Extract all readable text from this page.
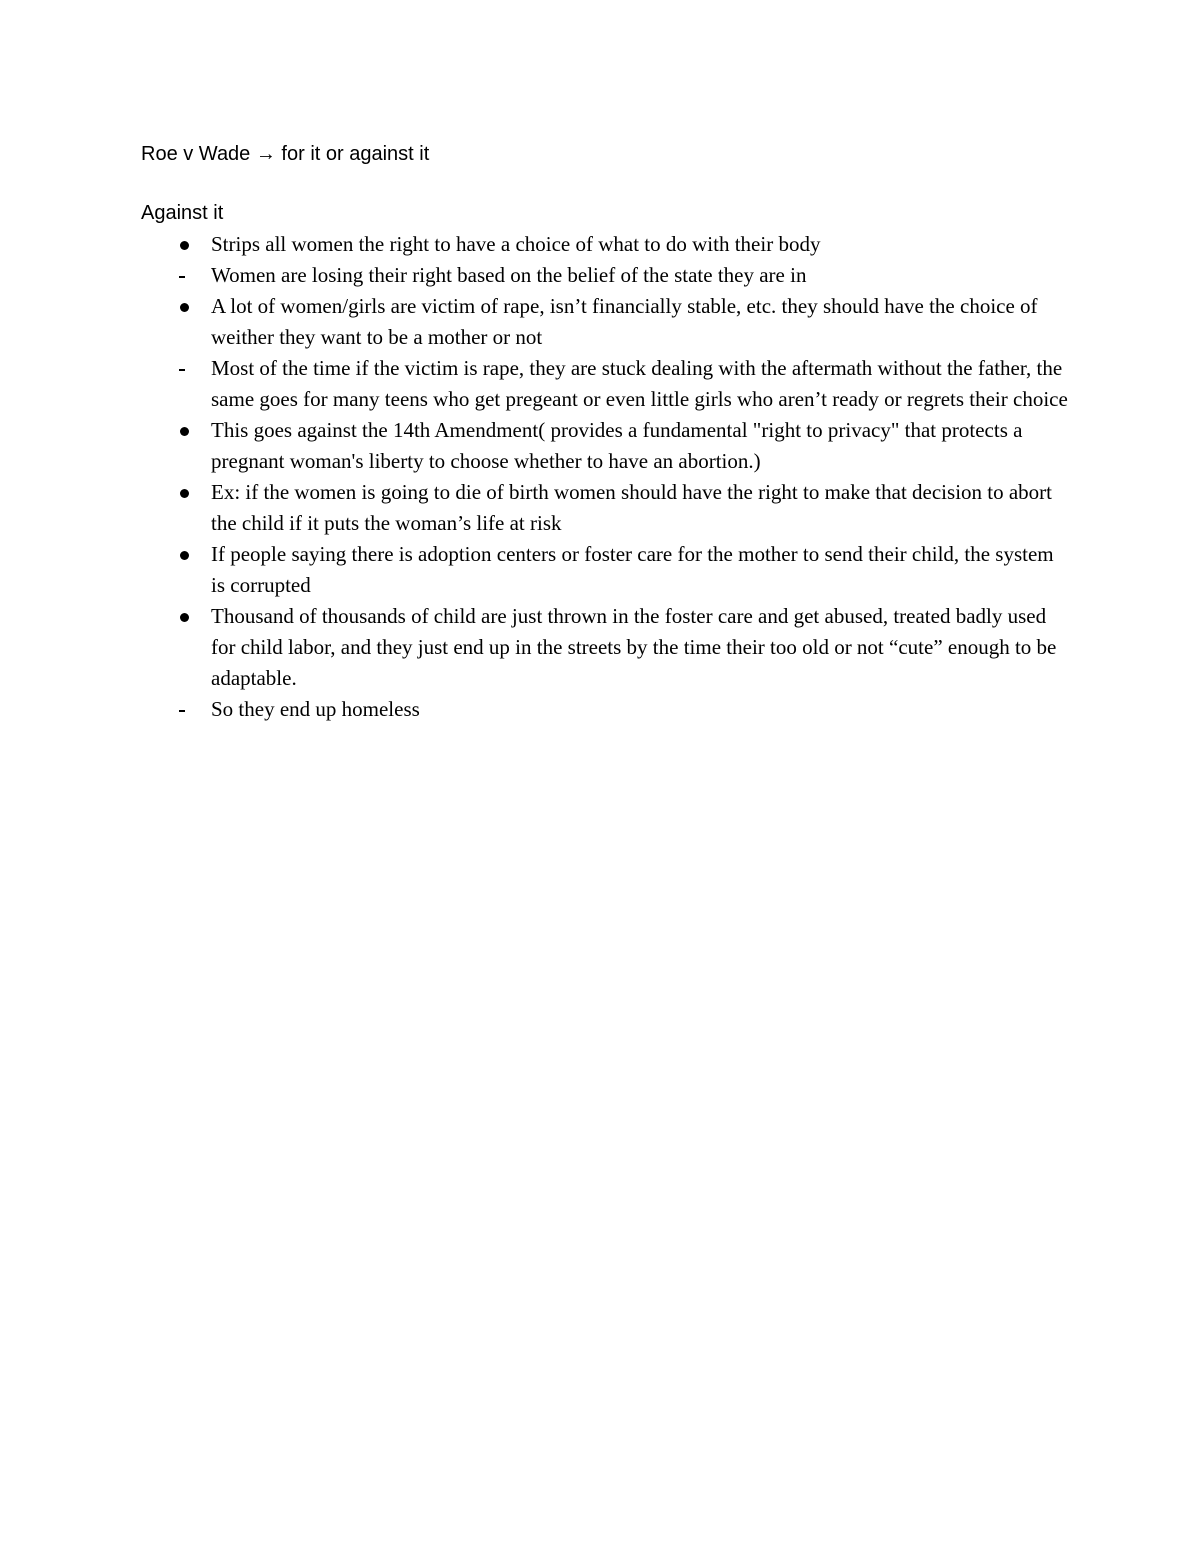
Roe v Wade → for it or against it
Against it
Strips all women the right to have a choice of what to do with their body
Women are losing their right based on the belief of the state they are in
A lot of women/girls are victim of rape, isn’t financially stable, etc. they should have the choice of weither they want to be a mother or not
Most of the time if the victim is rape, they are stuck dealing with the aftermath without the father, the same goes for many teens who get pregeant or even little girls who aren’t ready or regrets their choice
This goes against the 14th Amendment( provides a fundamental "right to privacy" that protects a pregnant woman's liberty to choose whether to have an abortion.)
Ex: if the women is going to die of birth women should have the right to make that decision to abort the child if it puts the woman’s life at risk
If people saying there is adoption centers or foster care for the mother to send their child, the system is corrupted
Thousand of thousands of child are just thrown in the foster care and get abused, treated badly used for child labor, and they just end up in the streets by the time their too old or not “cute” enough to be adaptable.
So they end up homeless
